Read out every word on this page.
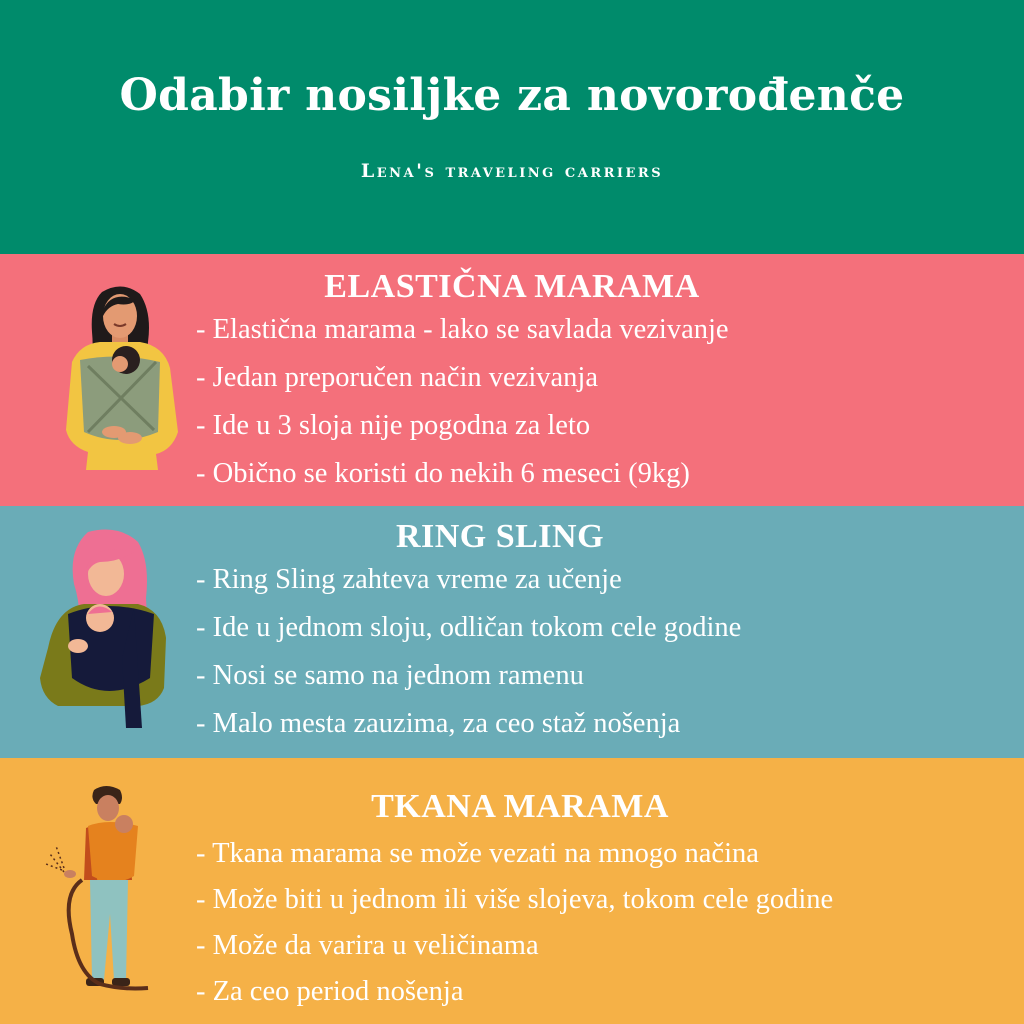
Odabir nosiljke za novorođenče
Lena's traveling carriers
ELASTIČNA MARAMA
- Elastična marama - lako se savlada vezivanje
- Jedan preporučen način vezivanja
- Ide u 3 sloja nije pogodna za leto
- Obično se koristi do nekih 6 meseci (9kg)
RING SLING
- Ring Sling zahteva vreme za učenje
- Ide u jednom sloju, odličan tokom cele godine
- Nosi se samo na jednom ramenu
- Malo mesta zauzima, za ceo staž nošenja
TKANA MARAMA
- Tkana marama se može vezati na mnogo načina
- Može biti u jednom ili više slojeva, tokom cele godine
- Može da varira u veličinama
- Za ceo period nošenja
